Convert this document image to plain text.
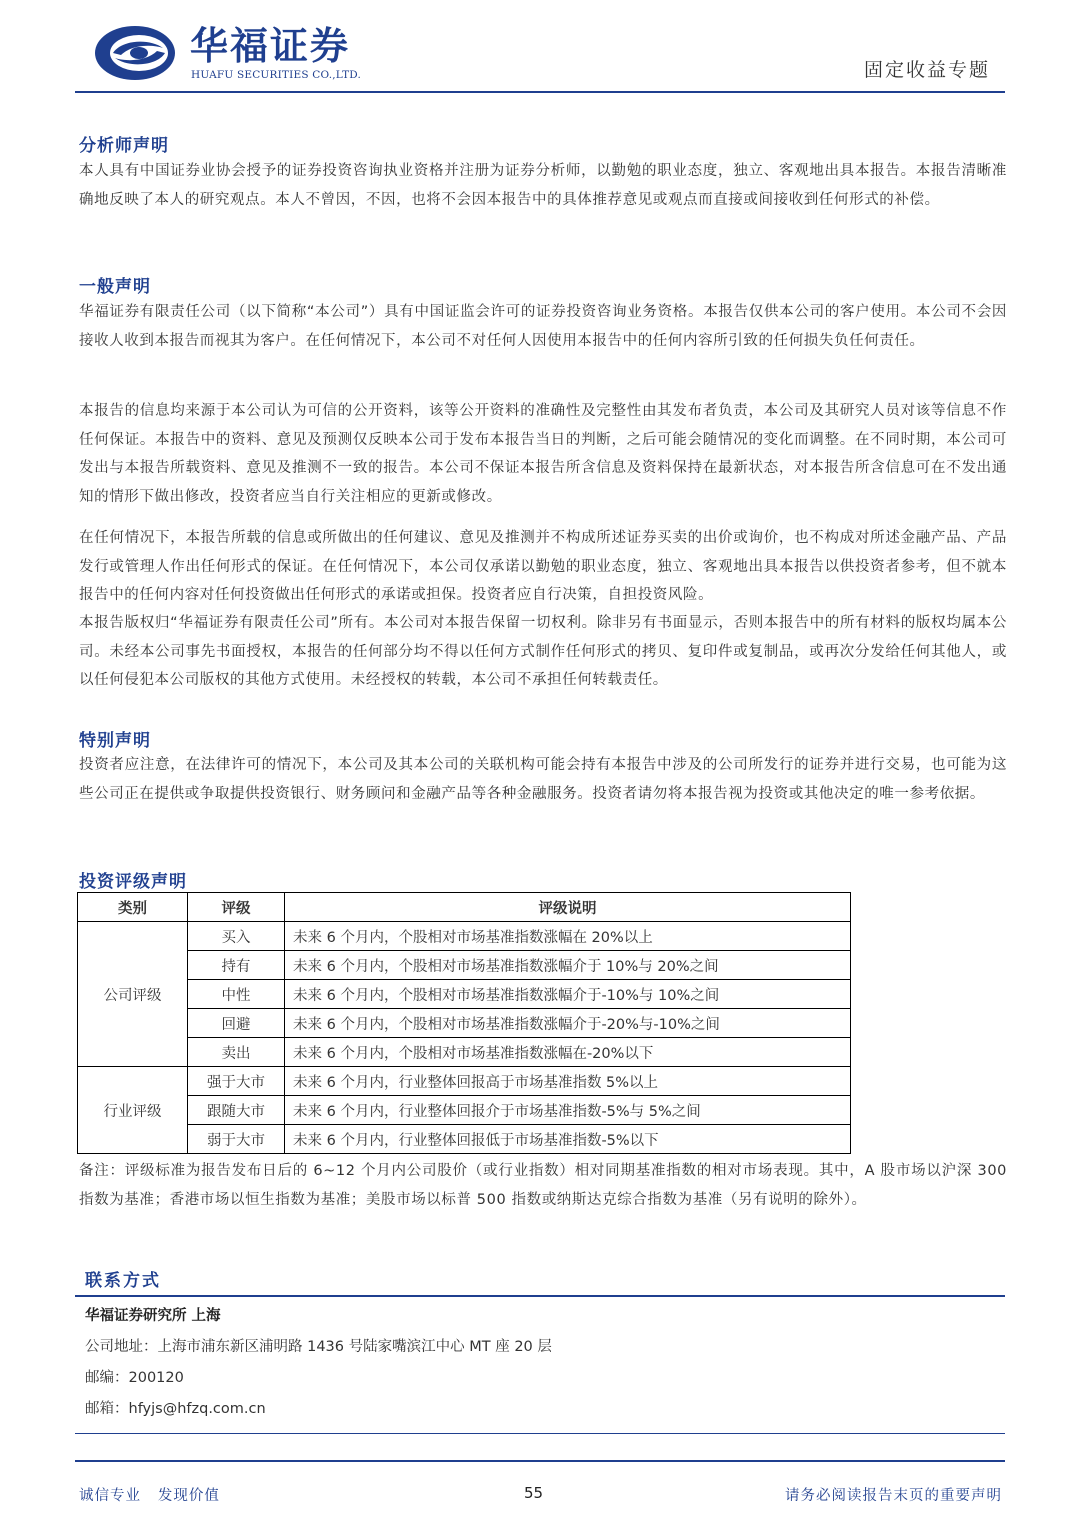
华福证券
HUAFU SECURITIES CO.,LTD.	固定收益专题
分析师声明
本人具有中国证券业协会授予的证券投资咨询执业资格并注册为证券分析师，以勤勉的职业态度，独立、客观地出具本报告。本报告清晰准确地反映了本人的研究观点。本人不曾因，不因，也将不会因本报告中的具体推荐意见或观点而直接或间接收到任何形式的补偿。
一般声明
华福证券有限责任公司（以下简称“本公司”）具有中国证监会许可的证券投资咨询业务资格。本报告仅供本公司的客户使用。本公司不会因接收人收到本报告而视其为客户。在任何情况下，本公司不对任何人因使用本报告中的任何内容所引致的任何损失负任何责任。
本报告的信息均来源于本公司认为可信的公开资料，该等公开资料的准确性及完整性由其发布者负责，本公司及其研究人员对该等信息不作任何保证。本报告中的资料、意见及预测仅反映本公司于发布本报告当日的判断，之后可能会随情况的变化而调整。在不同时期，本公司可发出与本报告所载资料、意见及推测不一致的报告。本公司不保证本报告所含信息及资料保持在最新状态，对本报告所含信息可在不发出通知的情形下做出修改，投资者应当自行关注相应的更新或修改。
在任何情况下，本报告所载的信息或所做出的任何建议、意见及推测并不构成所述证券买卖的出价或询价，也不构成对所述金融产品、产品发行或管理人作出任何形式的保证。在任何情况下，本公司仅承诺以勤勉的职业态度，独立、客观地出具本报告以供投资者参考，但不就本报告中的任何内容对任何投资做出任何形式的承诺或担保。投资者应自行决策，自担投资风险。
本报告版权归“华福证券有限责任公司”所有。本公司对本报告保留一切权利。除非另有书面显示，否则本报告中的所有材料的版权均属本公司。未经本公司事先书面授权，本报告的任何部分均不得以任何方式制作任何形式的拷贝、复印件或复制品，或再次分发给任何其他人，或以任何侵犯本公司版权的其他方式使用。未经授权的转载，本公司不承担任何转载责任。
特别声明
投资者应注意，在法律许可的情况下，本公司及其本公司的关联机构可能会持有本报告中涉及的公司所发行的证券并进行交易，也可能为这些公司正在提供或争取提供投资银行、财务顾问和金融产品等各种金融服务。投资者请勿将本报告视为投资或其他决定的唯一参考依据。
投资评级声明
类别	评级	评级说明
公司评级	买入	未来 6 个月内，个股相对市场基准指数涨幅在 20%以上
	持有	未来 6 个月内，个股相对市场基准指数涨幅介于 10%与 20%之间
	中性	未来 6 个月内，个股相对市场基准指数涨幅介于-10%与 10%之间
	回避	未来 6 个月内，个股相对市场基准指数涨幅介于-20%与-10%之间
	卖出	未来 6 个月内，个股相对市场基准指数涨幅在-20%以下
行业评级	强于大市	未来 6 个月内，行业整体回报高于市场基准指数 5%以上
	跟随大市	未来 6 个月内，行业整体回报介于市场基准指数-5%与 5%之间
	弱于大市	未来 6 个月内，行业整体回报低于市场基准指数-5%以下
备注：评级标准为报告发布日后的 6~12 个月内公司股价（或行业指数）相对同期基准指数的相对市场表现。其中，A 股市场以沪深 300 指数为基准；香港市场以恒生指数为基准；美股市场以标普 500 指数或纳斯达克综合指数为基准（另有说明的除外）。
联系方式
华福证券研究所 上海
公司地址：上海市浦东新区浦明路 1436 号陆家嘴滨江中心 MT 座 20 层
邮编：200120
邮箱：hfyjs@hfzq.com.cn
诚信专业   发现价值	55	请务必阅读报告末页的重要声明
